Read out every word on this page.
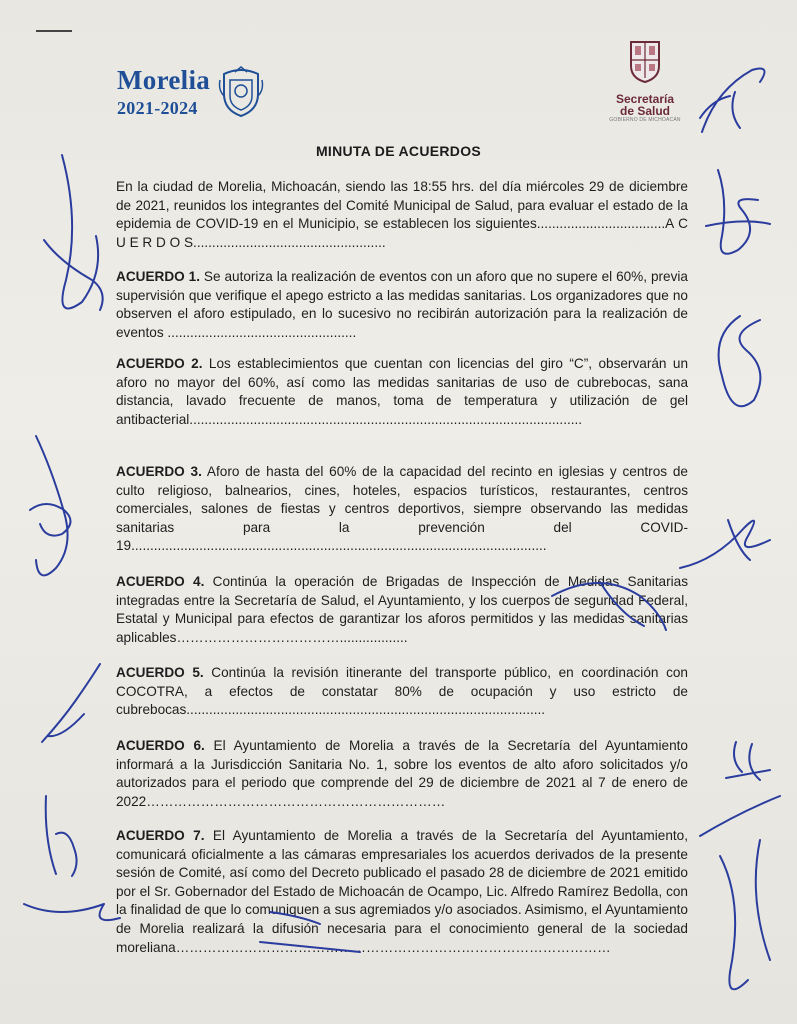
Morelia
2021-2024	Secretaría
de Salud
GOBIERNO DE MICHOACÁN
MINUTA DE ACUERDOS
En la ciudad de Morelia, Michoacán, siendo las 18:55 hrs. del día miércoles 29 de diciembre de 2021, reunidos los integrantes del Comité Municipal de Salud, para evaluar el estado de la epidemia de COVID-19 en el Municipio, se establecen los siguientes..................................A C U E R D O S...................................................
ACUERDO 1. Se autoriza la realización de eventos con un aforo que no supere el 60%, previa supervisión que verifique el apego estricto a las medidas sanitarias. Los organizadores que no observen el aforo estipulado, en lo sucesivo no recibirán autorización para la realización de eventos ..................................................
ACUERDO 2. Los establecimientos que cuentan con licencias del giro “C”, observarán un aforo no mayor del 60%, así como las medidas sanitarias de uso de cubrebocas, sana distancia, lavado frecuente de manos, toma de temperatura y utilización de gel antibacterial........................................................................................................
ACUERDO 3. Aforo de hasta del 60% de la capacidad del recinto en iglesias y centros de culto religioso, balnearios, cines, hoteles, espacios turísticos, restaurantes, centros comerciales, salones de fiestas y centros deportivos, siempre observando las medidas sanitarias para la prevención del COVID-19..............................................................................................................
ACUERDO 4. Continúa la operación de Brigadas de Inspección de Medidas Sanitarias integradas entre la Secretaría de Salud, el Ayuntamiento, y los cuerpos de seguridad Federal, Estatal y Municipal para efectos de garantizar los aforos permitidos y las medidas sanitarias aplicables………………………………..................
ACUERDO 5. Continúa la revisión itinerante del transporte público, en coordinación con COCOTRA, a efectos de constatar 80% de ocupación y uso estricto de cubrebocas...............................................................................................
ACUERDO 6. El Ayuntamiento de Morelia a través de la Secretaría del Ayuntamiento informará a la Jurisdicción Sanitaria No. 1, sobre los eventos de alto aforo solicitados y/o autorizados para el periodo que comprende del 29 de diciembre de 2021 al 7 de enero de 2022…………………………………………………………
ACUERDO 7. El Ayuntamiento de Morelia a través de la Secretaría del Ayuntamiento, comunicará oficialmente a las cámaras empresariales los acuerdos derivados de la presente sesión de Comité, así como del Decreto publicado el pasado 28 de diciembre de 2021 emitido por el Sr. Gobernador del Estado de Michoacán de Ocampo, Lic. Alfredo Ramírez Bedolla, con la finalidad de que lo comuniquen a sus agremiados y/o asociados. Asimismo, el Ayuntamiento de Morelia realizará la difusión necesaria para el conocimiento general de la sociedad moreliana……………………………………………………………………………………
